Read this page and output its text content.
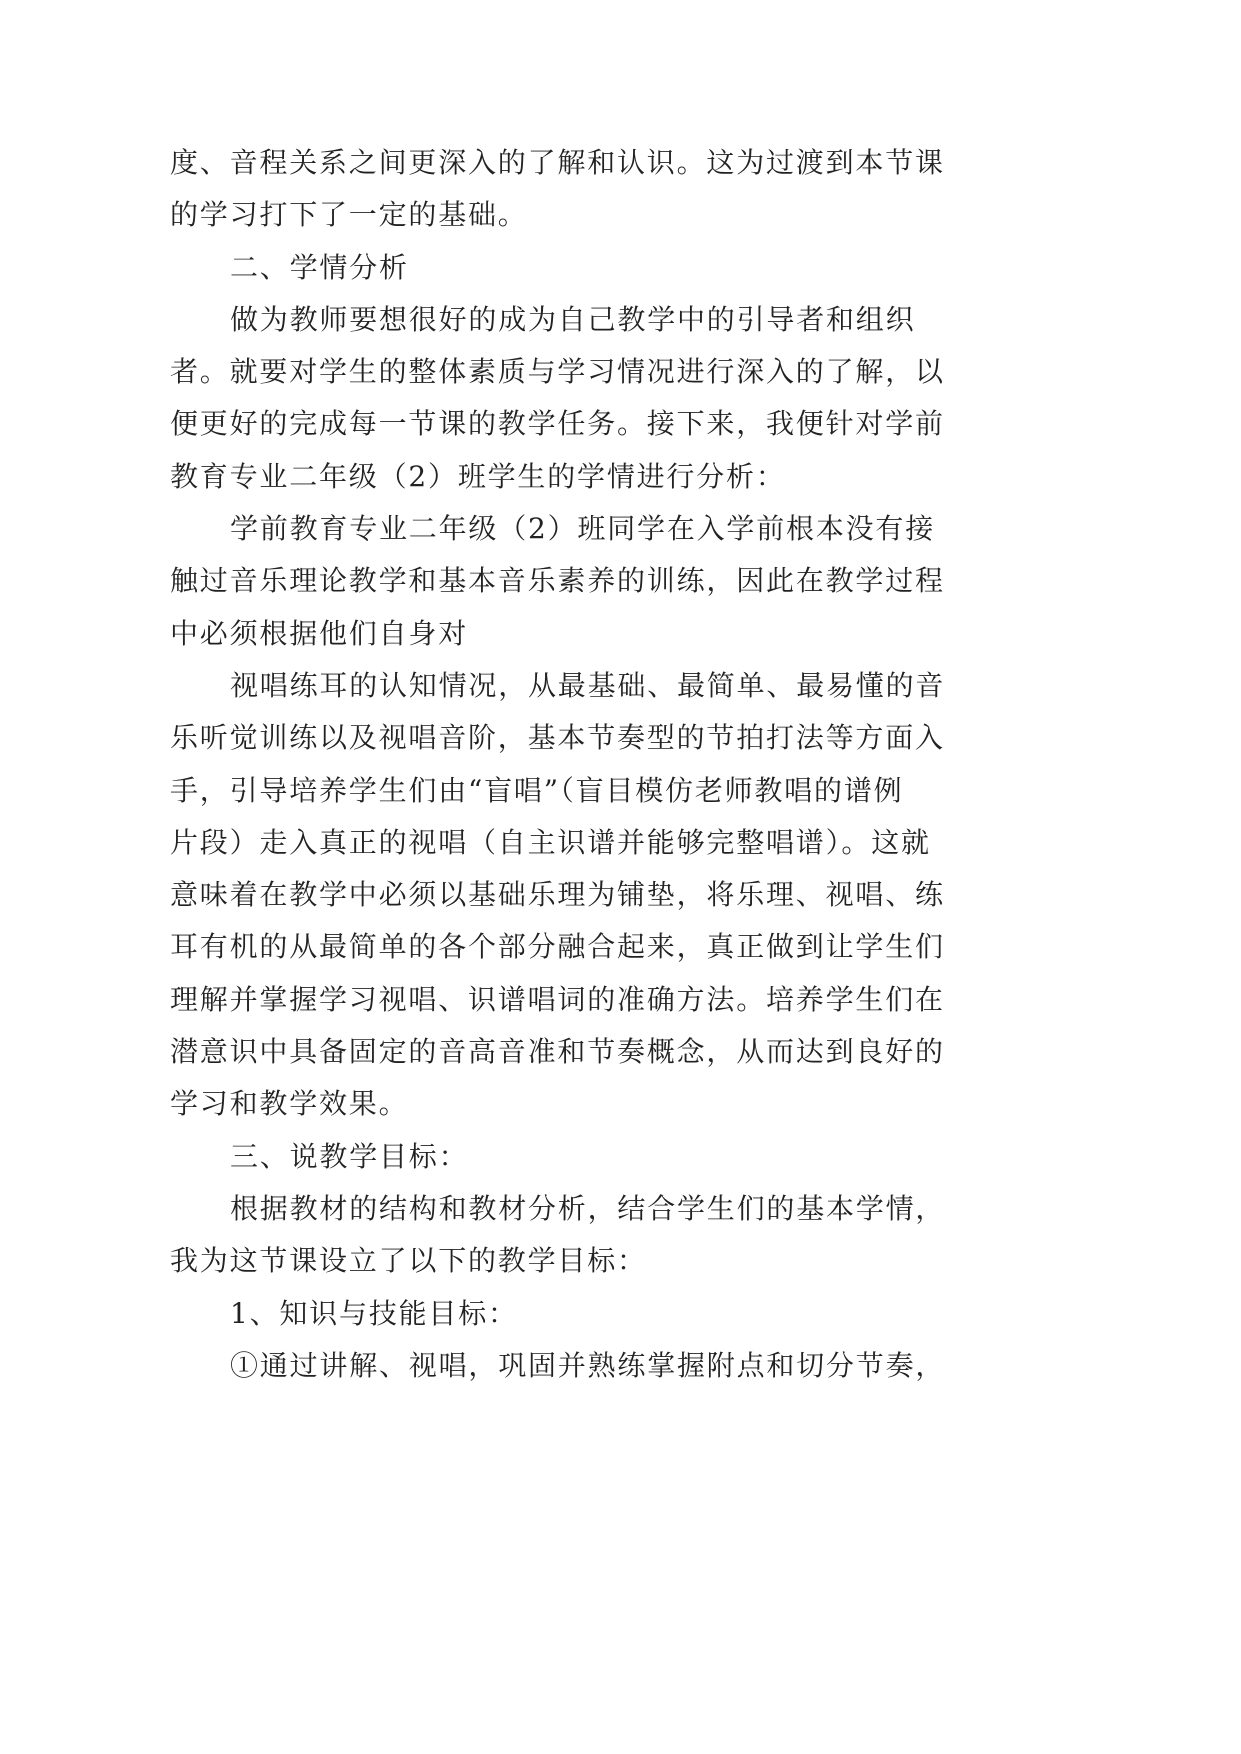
度、音程关系之间更深入的了解和认识。这为过渡到本节课
的学习打下了一定的基础。
二、学情分析
做为教师要想很好的成为自己教学中的引导者和组织
者。就要对学生的整体素质与学习情况进行深入的了解，以
便更好的完成每一节课的教学任务。接下来，我便针对学前
教育专业二年级（2）班学生的学情进行分析：
学前教育专业二年级（2）班同学在入学前根本没有接
触过音乐理论教学和基本音乐素养的训练，因此在教学过程
中必须根据他们自身对
视唱练耳的认知情况，从最基础、最简单、最易懂的音
乐听觉训练以及视唱音阶，基本节奏型的节拍打法等方面入
手，引导培养学生们由“盲唱”（盲目模仿老师教唱的谱例
片段）走入真正的视唱（自主识谱并能够完整唱谱）。这就
意味着在教学中必须以基础乐理为铺垫，将乐理、视唱、练
耳有机的从最简单的各个部分融合起来，真正做到让学生们
理解并掌握学习视唱、识谱唱词的准确方法。培养学生们在
潜意识中具备固定的音高音准和节奏概念，从而达到良好的
学习和教学效果。
三、说教学目标：
根据教材的结构和教材分析，结合学生们的基本学情，
我为这节课设立了以下的教学目标：
1、知识与技能目标：
①通过讲解、视唱，巩固并熟练掌握附点和切分节奏，
